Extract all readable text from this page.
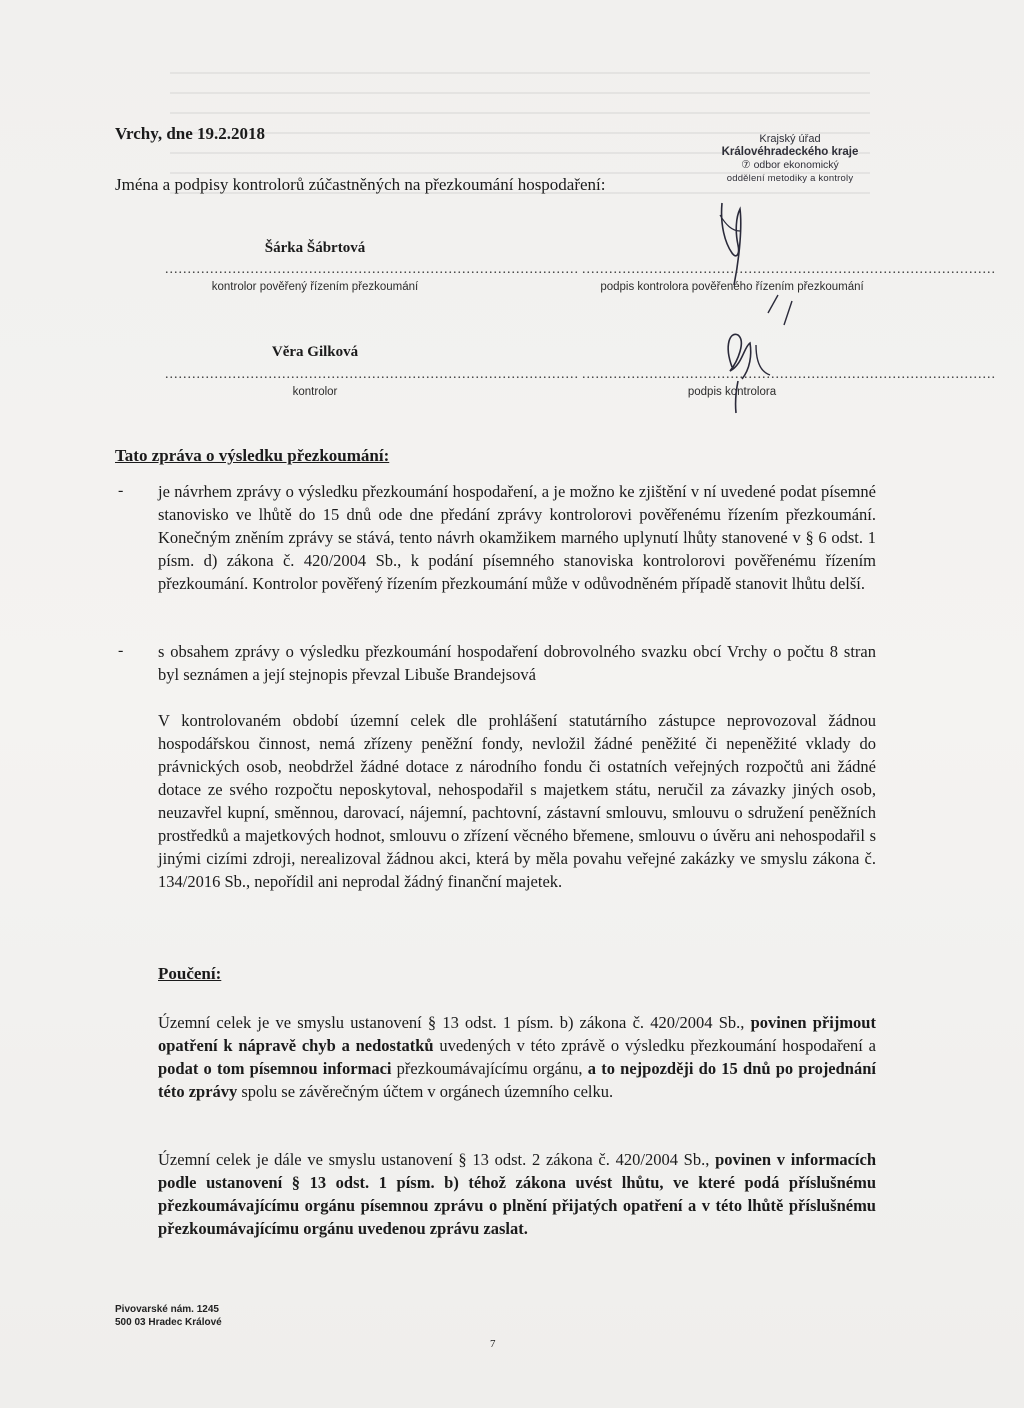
Vrchy, dne 19.2.2018
Jména a podpisy kontrolorů zúčastněných na přezkoumání hospodaření:
Krajský úřad
Královéhradeckého kraje
⑦ odbor ekonomický
oddělení metodiky a kontroly
Šárka Šábrtová
............................................................................................
kontrolor pověřený řízením přezkoumání
............................................................................................
podpis kontrolora pověřeného řízením přezkoumání
Věra Gilková
............................................................................................
kontrolor
............................................................................................
podpis kontrolora
Tato zpráva o výsledku přezkoumání:
- je návrhem zprávy o výsledku přezkoumání hospodaření, a je možno ke zjištění v ní uvedené podat písemné stanovisko ve lhůtě do 15 dnů ode dne předání zprávy kontrolorovi pověřenému řízením přezkoumání. Konečným zněním zprávy se stává, tento návrh okamžikem marného uplynutí lhůty stanovené v § 6 odst. 1 písm. d) zákona č. 420/2004 Sb., k podání písemného stanoviska kontrolorovi pověřenému řízením přezkoumání. Kontrolor pověřený řízením přezkoumání může v odůvodněném případě stanovit lhůtu delší.
- s obsahem zprávy o výsledku přezkoumání hospodaření dobrovolného svazku obcí Vrchy o počtu 8 stran byl seznámen a její stejnopis převzal Libuše Brandejsová
V kontrolovaném období územní celek dle prohlášení statutárního zástupce neprovozoval žádnou hospodářskou činnost, nemá zřízeny peněžní fondy, nevložil žádné peněžité či nepeněžité vklady do právnických osob, neobdržel žádné dotace z národního fondu či ostatních veřejných rozpočtů ani žádné dotace ze svého rozpočtu neposkytoval, nehospodařil s majetkem státu, neručil za závazky jiných osob, neuzavřel kupní, směnnou, darovací, nájemní, pachtovní, zástavní smlouvu, smlouvu o sdružení peněžních prostředků a majetkových hodnot, smlouvu o zřízení věcného břemene, smlouvu o úvěru ani nehospodařil s jinými cizími zdroji, nerealizoval žádnou akci, která by měla povahu veřejné zakázky ve smyslu zákona č. 134/2016 Sb., nepořídil ani neprodal žádný finanční majetek.
Poučení:
Územní celek je ve smyslu ustanovení § 13 odst. 1 písm. b) zákona č. 420/2004 Sb., povinen přijmout opatření k nápravě chyb a nedostatků uvedených v této zprávě o výsledku přezkoumání hospodaření a podat o tom písemnou informaci přezkoumávajícímu orgánu, a to nejpozději do 15 dnů po projednání této zprávy spolu se závěrečným účtem v orgánech územního celku.
Územní celek je dále ve smyslu ustanovení § 13 odst. 2 zákona č. 420/2004 Sb., povinen v informacích podle ustanovení § 13 odst. 1 písm. b) téhož zákona uvést lhůtu, ve které podá příslušnému přezkoumávajícímu orgánu písemnou zprávu o plnění přijatých opatření a v této lhůtě příslušnému přezkoumávajícímu orgánu uvedenou zprávu zaslat.
Pivovarské nám. 1245
500 03 Hradec Králové
7
